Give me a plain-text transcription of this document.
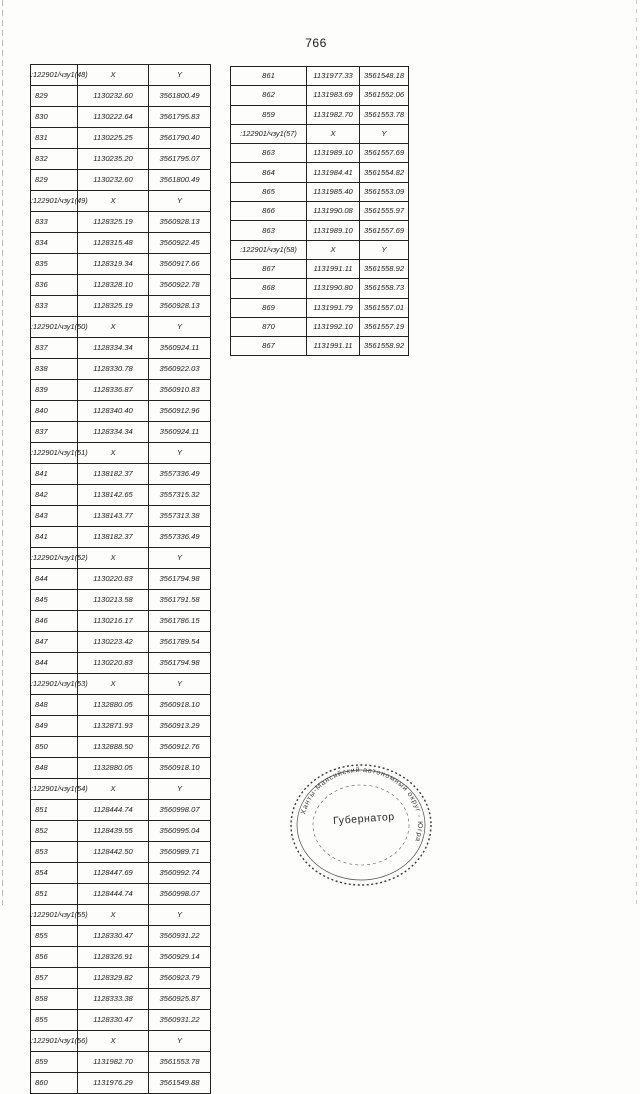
766
:122901/чзу1(48)	X	Y
829	1130232.60	3561800.49
830	1130222.64	3561795.83
831	1130225.25	3561790.40
832	1130235.20	3561795.07
829	1130232.60	3561800.49
:122901/чзу1(49)	X	Y
833	1128325.19	3560928.13
834	1128315.48	3560922.45
835	1128319.34	3560917.66
836	1128328.10	3560922.78
833	1128325.19	3560928.13
:122901/чзу1(50)	X	Y
837	1128334.34	3560924.11
838	1128330.78	3560922.03
839	1128336.87	3560910.83
840	1128340.40	3560912.96
837	1128334.34	3560924.11
:122901/чзу1(51)	X	Y
841	1138182.37	3557336.49
842	1138142.65	3557315.32
843	1138143.77	3557313.38
841	1138182.37	3557336.49
:122901/чзу1(52)	X	Y
844	1130220.83	3561794.98
845	1130213.58	3561791.58
846	1130216.17	3561786.15
847	1130223.42	3561789.54
844	1130220.83	3561794.98
:122901/чзу1(53)	X	Y
848	1132880.05	3560918.10
849	1132871.93	3560913.29
850	1132888.50	3560912.76
848	1132880.05	3560918.10
:122901/чзу1(54)	X	Y
851	1128444.74	3560998.07
852	1128439.55	3560995.04
853	1128442.50	3560989.71
854	1128447.69	3560992.74
851	1128444.74	3560998.07
:122901/чзу1(55)	X	Y
855	1128330.47	3560931.22
856	1128326.91	3560929.14
857	1128329.82	3560923.79
858	1128333.38	3560925.87
855	1128330.47	3560931.22
:122901/чзу1(56)	X	Y
859	1131982.70	3561553.78
860	1131976.29	3561549.88
861	1131977.33	3561548.18
862	1131983.69	3561552.06
859	1131982.70	3561553.78
:122901/чзу1(57)	X	Y
863	1131989.10	3561557.69
864	1131984.41	3561554.82
865	1131985.40	3561553.09
866	1131990.08	3561555.97
863	1131989.10	3561557.69
:122901/чзу1(58)	X	Y
867	1131991.11	3561558.92
868	1131990.80	3561558.73
869	1131991.79	3561557.01
870	1131992.10	3561557.19
867	1131991.11	3561558.92
Ханты-Мансийский автономный округ - Югра
Губернатор
